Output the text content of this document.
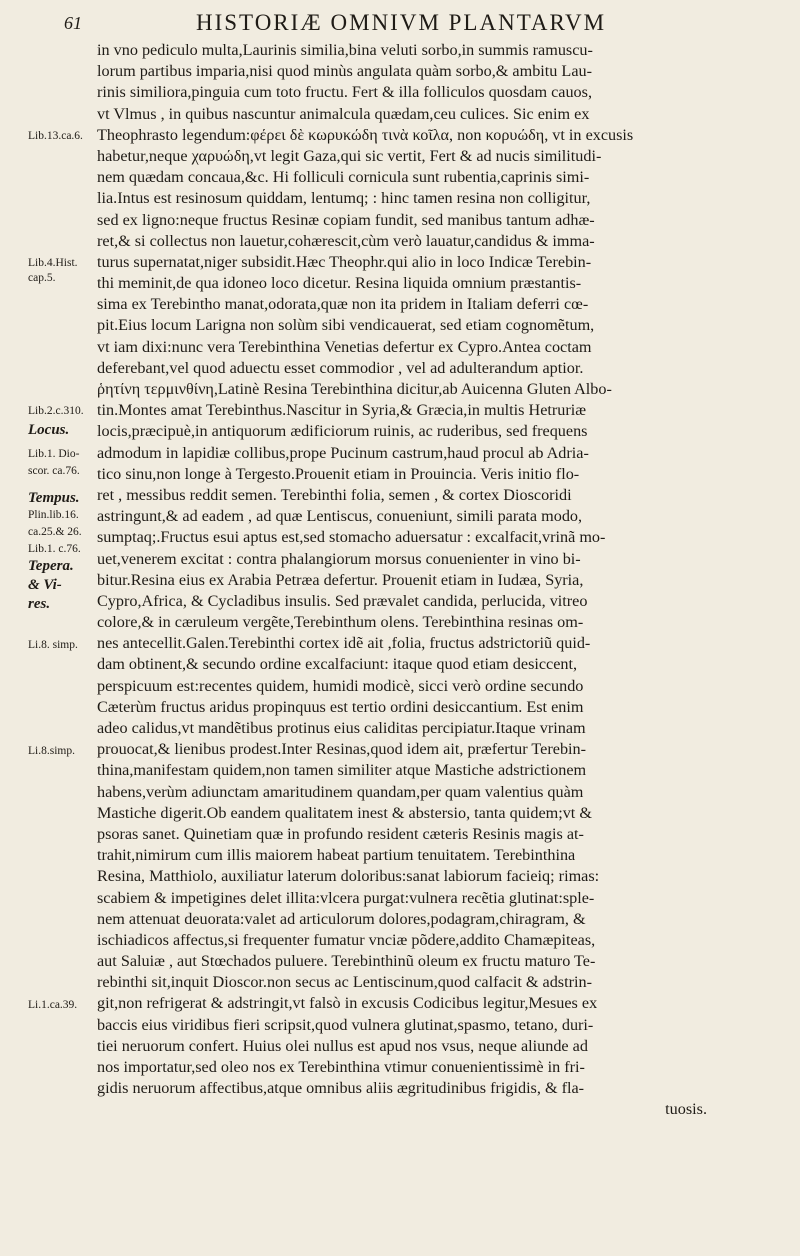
61	HISTORIÆ OMNIVM PLANTARVM
Lib.13.ca.6.
Lib.4.Hist.
cap.5.
Lib.2.c.310.
Locus.
Lib.1. Dio-
scor. ca.76.
Tempus.
Plin.lib.16.
ca.25.& 26.
Lib.1. c.76.
Tepera.
& Vi-
res.
Li.8. simp.
Li.8.simp.
Li.1.ca.39.
in vno pediculo multa,Laurinis similia,bina veluti sorbo,in summis ramuscu-
lorum partibus imparia,nisi quod minùs angulata quàm sorbo,& ambitu Lau-
rinis similiora,pinguia cum toto fructu. Fert & illa folliculos quosdam cauos,
vt Vlmus , in quibus nascuntur animalcula quædam,ceu culices. Sic enim ex
Theophrasto legendum:φέρει δὲ κωρυκώδη τινὰ κοῖλα, non κορυώδη, vt in excusis
habetur,neque χαρυώδη,vt legit Gaza,qui sic vertit, Fert & ad nucis similitudi-
nem quædam concaua,&c. Hi folliculi cornicula sunt rubentia,caprinis simi-
lia.Intus est resinosum quiddam, lentumq; : hinc tamen resina non colligitur,
sed ex ligno:neque fructus Resinæ copiam fundit, sed manibus tantum adhæ-
ret,& si collectus non lauetur,cohærescit,cùm verò lauatur,candidus & imma-
turus supernatat,niger subsidit.Hæc Theophr.qui alio in loco Indicæ Terebin-
thi meminit,de qua idoneo loco dicetur. Resina liquida omnium præstantis-
sima ex Terebintho manat,odorata,quæ non ita pridem in Italiam deferri cœ-
pit.Eius locum Larigna non solùm sibi vendicauerat, sed etiam cognomẽtum,
vt iam dixi:nunc vera Terebinthina Venetias defertur ex Cypro.Antea coctam
deferebant,vel quod aduectu esset commodior , vel ad adulterandum aptior.
ῥητίνη τερμινθίνη,Latinè Resina Terebinthina dicitur,ab Auicenna Gluten Albo-
tin.Montes amat Terebinthus.Nascitur in Syria,& Græcia,in multis Hetruriæ
locis,præcipuè,in antiquorum ædificiorum ruinis, ac ruderibus, sed frequens
admodum in lapidiæ collibus,prope Pucinum castrum,haud procul ab Adria-
tico sinu,non longe à Tergesto.Prouenit etiam in Prouincia. Veris initio flo-
ret , messibus reddit semen. Terebinthi folia, semen , & cortex Dioscoridi
astringunt,& ad eadem , ad quæ Lentiscus, conueniunt, simili parata modo,
sumptaq;.Fructus esui aptus est,sed stomacho aduersatur : excalfacit,vrinã mo-
uet,venerem excitat : contra phalangiorum morsus conuenienter in vino bi-
bitur.Resina eius ex Arabia Petræa defertur. Prouenit etiam in Iudæa, Syria,
Cypro,Africa, & Cycladibus insulis. Sed prævalet candida, perlucida, vitreo
colore,& in cæruleum vergẽte,Terebinthum olens. Terebinthina resinas om-
nes antecellit.Galen.Terebinthi cortex idẽ ait ,folia, fructus adstrictoriũ quid-
dam obtinent,& secundo ordine excalfaciunt: itaque quod etiam desiccent,
perspicuum est:recentes quidem, humidi modicè, sicci verò ordine secundo
Cæterùm fructus aridus propinquus est tertio ordini desiccantium. Est enim
adeo calidus,vt mandẽtibus protinus eius caliditas percipiatur.Itaque vrinam
prouocat,& lienibus prodest.Inter Resinas,quod idem ait, præfertur Terebin-
thina,manifestam quidem,non tamen similiter atque Mastiche adstrictionem
habens,verùm adiunctam amaritudinem quandam,per quam valentius quàm
Mastiche digerit.Ob eandem qualitatem inest & abstersio, tanta quidem;vt &
psoras sanet. Quinetiam quæ in profundo resident cæteris Resinis magis at-
trahit,nimirum cum illis maiorem habeat partium tenuitatem. Terebinthina
Resina, Matthiolo, auxiliatur laterum doloribus:sanat labiorum facieiq; rimas:
scabiem & impetigines delet illita:vlcera purgat:vulnera recẽtia glutinat:sple-
nem attenuat deuorata:valet ad articulorum dolores,podagram,chiragram, &
ischiadicos affectus,si frequenter fumatur vnciæ põdere,addito Chamæpiteas,
aut Saluiæ , aut Stœchados puluere. Terebinthinũ oleum ex fructu maturo Te-
rebinthi sit,inquit Dioscor.non secus ac Lentiscinum,quod calfacit & adstrin-
git,non refrigerat & adstringit,vt falsò in excusis Codicibus legitur,Mesues ex
baccis eius viridibus fieri scripsit,quod vulnera glutinat,spasmo, tetano, duri-
tiei neruorum confert. Huius olei nullus est apud nos vsus, neque aliunde ad
nos importatur,sed oleo nos ex Terebinthina vtimur conuenientissimè in fri-
gidis neruorum affectibus,atque omnibus aliis ægritudinibus frigidis, & fla-
tuosis.
